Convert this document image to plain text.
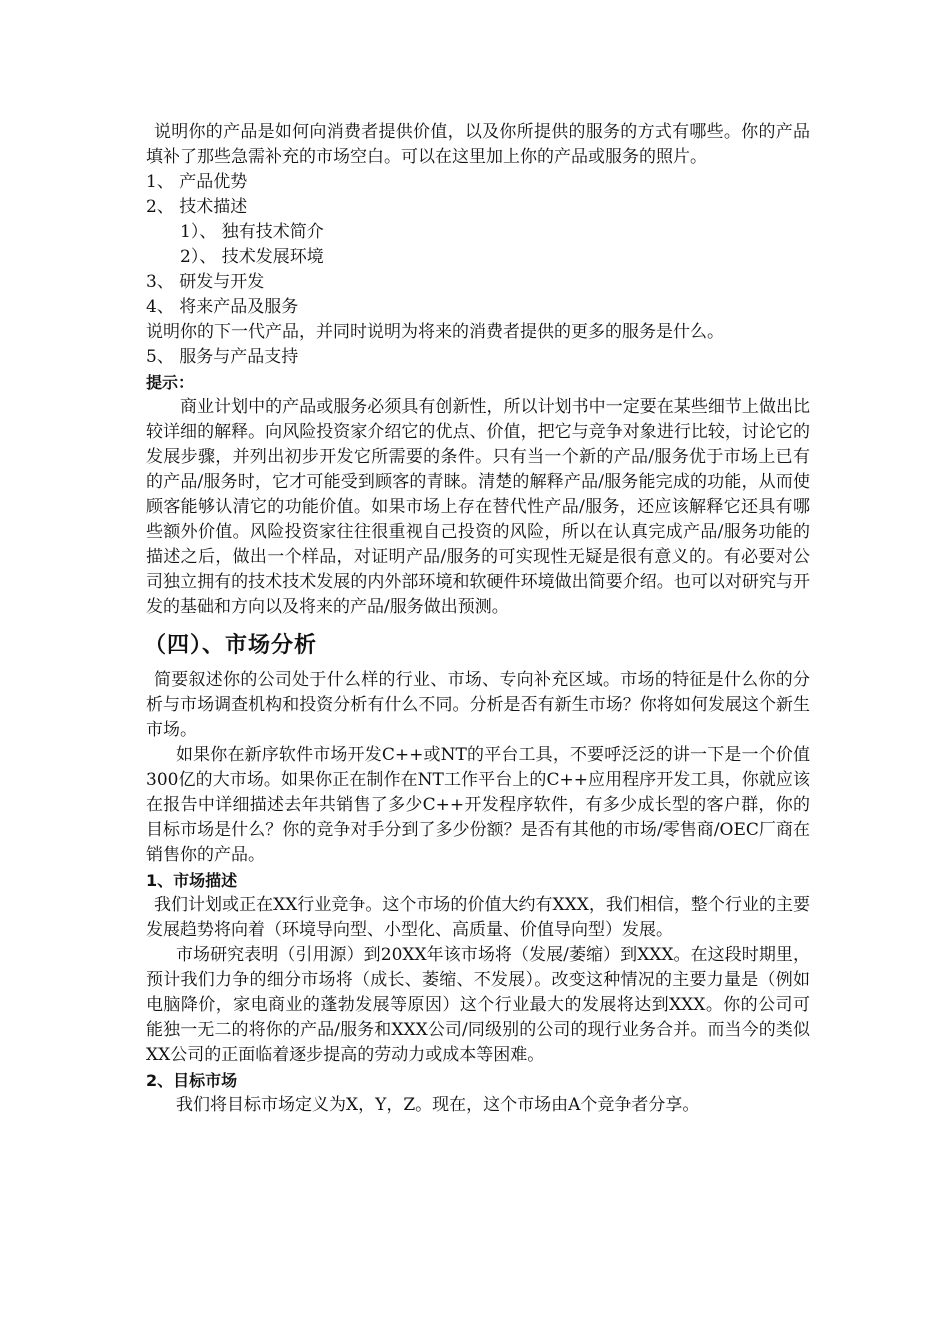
说明你的产品是如何向消费者提供价值，以及你所提供的服务的方式有哪些。你的产品填补了那些急需补充的市场空白。可以在这里加上你的产品或服务的照片。

1、 产品优势

2、 技术描述

1）、 独有技术简介

2）、 技术发展环境

3、 研发与开发

4、 将来产品及服务

说明你的下一代产品，并同时说明为将来的消费者提供的更多的服务是什么。

5、 服务与产品支持

提示：

商业计划中的产品或服务必须具有创新性，所以计划书中一定要在某些细节上做出比较详细的解释。向风险投资家介绍它的优点、价值，把它与竞争对象进行比较，讨论它的发展步骤，并列出初步开发它所需要的条件。只有当一个新的产品/服务优于市场上已有的产品/服务时，它才可能受到顾客的青睐。清楚的解释产品/服务能完成的功能，从而使顾客能够认清它的功能价值。如果市场上存在替代性产品/服务，还应该解释它还具有哪些额外价值。风险投资家往往很重视自己投资的风险，所以在认真完成产品/服务功能的描述之后，做出一个样品，对证明产品/服务的可实现性无疑是很有意义的。有必要对公司独立拥有的技术技术发展的内外部环境和软硬件环境做出简要介绍。也可以对研究与开发的基础和方向以及将来的产品/服务做出预测。

（四）、市场分析

简要叙述你的公司处于什么样的行业、市场、专向补充区域。市场的特征是什么你的分析与市场调查机构和投资分析有什么不同。分析是否有新生市场？你将如何发展这个新生市场。

如果你在新序软件市场开发C++或NT的平台工具，不要呼泛泛的讲一下是一个价值300亿的大市场。如果你正在制作在NT工作平台上的C++应用程序开发工具，你就应该在报告中详细描述去年共销售了多少C++开发程序软件，有多少成长型的客户群，你的目标市场是什么？你的竞争对手分到了多少份额？是否有其他的市场/零售商/OEC厂商在销售你的产品。

1、市场描述

我们计划或正在XX行业竞争。这个市场的价值大约有XXX，我们相信，整个行业的主要发展趋势将向着（环境导向型、小型化、高质量、价值导向型）发展。

市场研究表明（引用源）到20XX年该市场将（发展/萎缩）到XXX。在这段时期里，预计我们力争的细分市场将（成长、萎缩、不发展）。改变这种情况的主要力量是（例如电脑降价，家电商业的蓬勃发展等原因）这个行业最大的发展将达到XXX。你的公司可能独一无二的将你的产品/服务和XXX公司/同级别的公司的现行业务合并。而当今的类似XX公司的正面临着逐步提高的劳动力或成本等困难。

2、目标市场

我们将目标市场定义为X，Y，Z。现在，这个市场由A个竞争者分享。
